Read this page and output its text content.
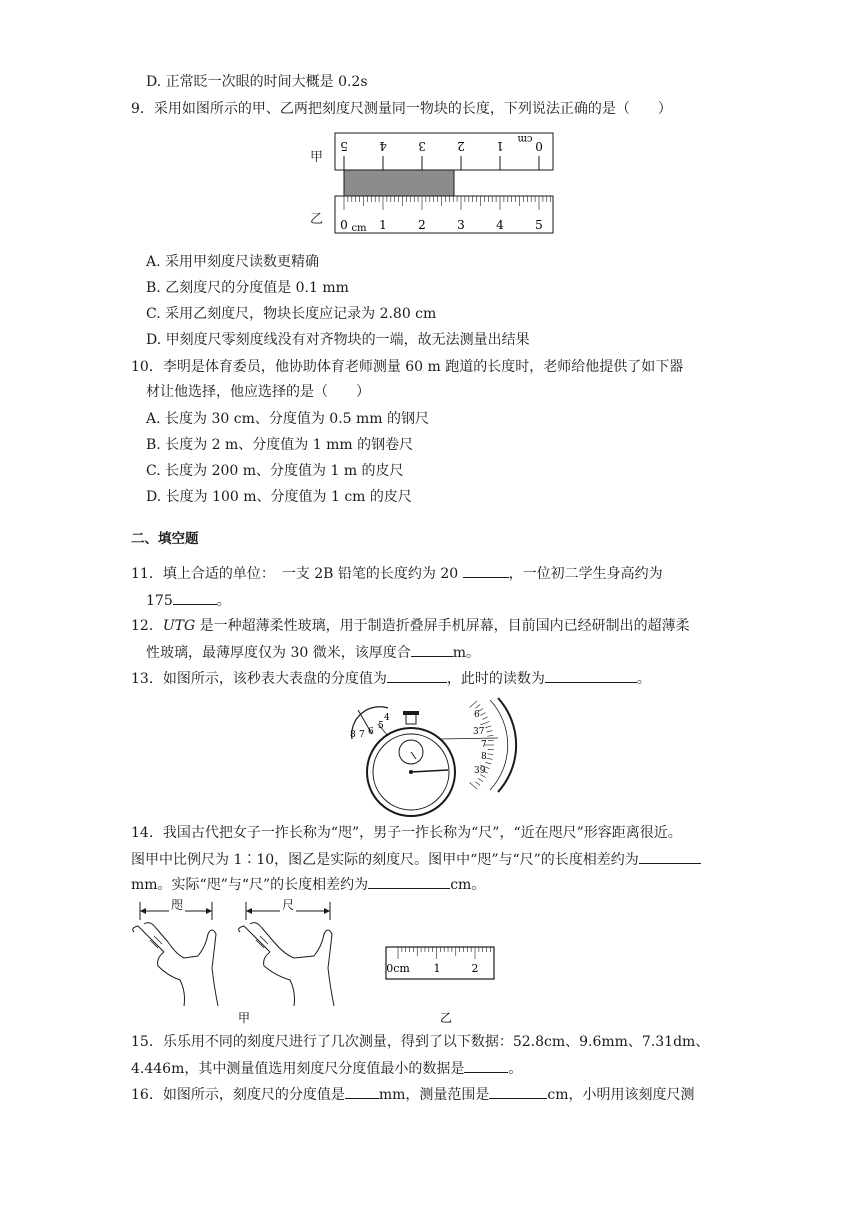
D. 正常眨一次眼的时间大概是 0.2s
9．采用如图所示的甲、乙两把刻度尺测量同一物块的长度，下列说法正确的是（　　）
甲
乙
5	4	3	2	1	0
cm
0	1	2	3	4	5
cm
A. 采用甲刻度尺读数更精确
B. 乙刻度尺的分度值是 0.1 mm
C. 采用乙刻度尺，物块长度应记录为 2.80 cm
D. 甲刻度尺零刻度线没有对齐物块的一端，故无法测量出结果
10．李明是体育委员，他协助体育老师测量 60 m 跑道的长度时，老师给他提供了如下器
材让他选择，他应选择的是（　　）
A. 长度为 30 cm、分度值为 0.5 mm 的钢尺
B. 长度为 2 m、分度值为 1 mm 的钢卷尺
C. 长度为 200 m、分度值为 1 m 的皮尺
D. 长度为 100 m、分度值为 1 cm 的皮尺
二、填空题
11．填上合适的单位：　一支 2B 铅笔的长度约为 20	，一位初二学生身高约为
175	。
12．UTG 是一种超薄柔性玻璃，用于制造折叠屏手机屏幕，目前国内已经研制出的超薄柔
性玻璃，最薄厚度仅为 30 微米，该厚度合	m。
13．如图所示，该秒表大表盘的分度值为	，此时的读数为	。
4
5
6
7
8
6
37
7
8
39
14．我国古代把女子一拃长称为“咫”，男子一拃长称为“尺”，“近在咫尺”形容距离很近。
图甲中比例尺为 1∶10，图乙是实际的刻度尺。图甲中“咫”与“尺”的长度相差约为
mm。实际“咫”与“尺”的长度相差约为	cm。
咫	尺
0cm 1	2
甲	乙
15．乐乐用不同的刻度尺进行了几次测量，得到了以下数据：52.8cm、9.6mm、7.31dm、
4.446m，其中测量值选用刻度尺分度值最小的数据是	。
16．如图所示，刻度尺的分度值是 mm，测量范围是	cm，小明用该刻度尺测
